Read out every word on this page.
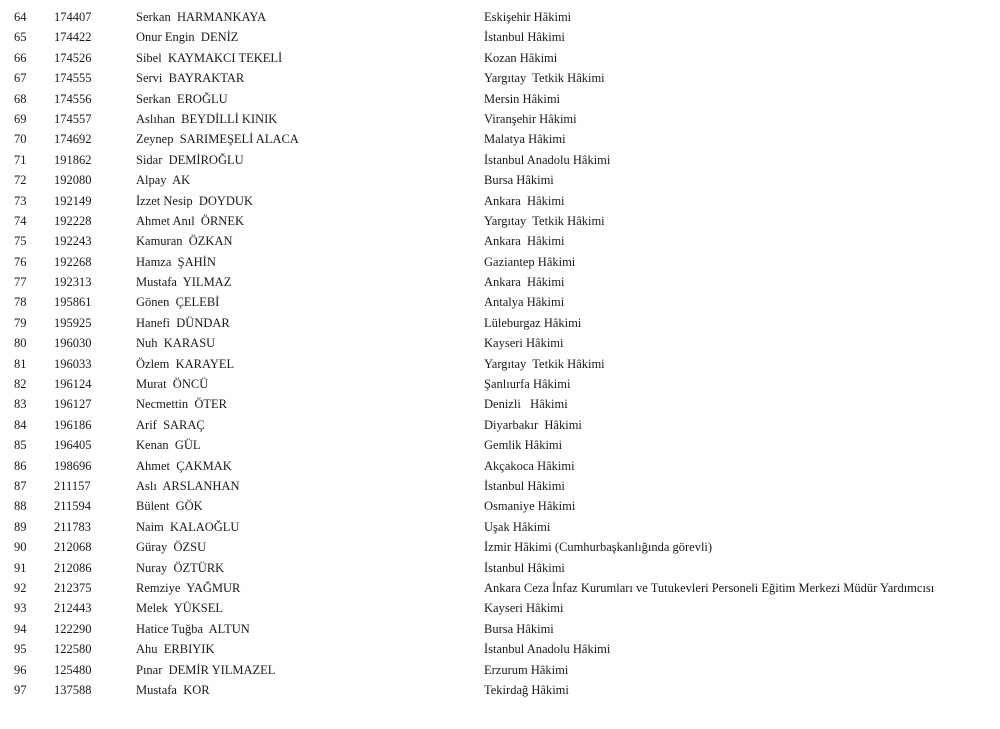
64 174407	Serkan  HARMANKAYA	Eskişehir Hâkimi
65 174422	Onur Engin  DENİZ	İstanbul Hâkimi
66 174526	Sibel  KAYMAKCI TEKELİ	Kozan Hâkimi
67 174555	Servi  BAYRAKTAR	Yargıtay  Tetkik Hâkimi
68 174556	Serkan  EROĞLU	Mersin Hâkimi
69 174557	Aslıhan  BEYDİLLİ KINIK	Viranşehir Hâkimi
70 174692	Zeynep  SARIMEŞELİ ALACA	Malatya Hâkimi
71 191862	Sidar  DEMİROĞLU	İstanbul Anadolu Hâkimi
72 192080	Alpay  AK	Bursa Hâkimi
73 192149	İzzet Nesip  DOYDUK	Ankara  Hâkimi
74 192228	Ahmet Anıl  ÖRNEK	Yargıtay  Tetkik Hâkimi
75 192243	Kamuran  ÖZKAN	Ankara  Hâkimi
76 192268	Hamza  ŞAHİN	Gaziantep Hâkimi
77 192313	Mustafa  YILMAZ	Ankara  Hâkimi
78 195861	Gönen  ÇELEBİ	Antalya Hâkimi
79 195925	Hanefi  DÜNDAR	Lüleburgaz Hâkimi
80 196030	Nuh  KARASU	Kayseri Hâkimi
81 196033	Özlem  KARAYEL	Yargıtay  Tetkik Hâkimi
82 196124	Murat  ÖNCÜ	Şanlıurfa Hâkimi
83 196127	Necmettin  ÖTER	Denizli   Hâkimi
84 196186	Arif  SARAÇ	Diyarbakır  Hâkimi
85 196405	Kenan  GÜL	Gemlik Hâkimi
86 198696	Ahmet  ÇAKMAK	Akçakoca Hâkimi
87 211157	Aslı  ARSLANHAN	İstanbul Hâkimi
88 211594	Bülent  GÖK	Osmaniye Hâkimi
89 211783	Naim  KALAOĞLU	Uşak Hâkimi
90 212068	Güray  ÖZSU	İzmir Hâkimi (Cumhurbaşkanlığında görevli)
91 212086	Nuray  ÖZTÜRK	İstanbul Hâkimi
92 212375	Remziye  YAĞMUR	Ankara Ceza İnfaz Kurumları ve Tutukevleri Personeli Eğitim Merkezi Müdür Yardımcısı
93 212443	Melek  YÜKSEL	Kayseri Hâkimi
94 122290	Hatice Tuğba  ALTUN	Bursa Hâkimi
95 122580	Ahu  ERBIYIK	İstanbul Anadolu Hâkimi
96 125480	Pınar  DEMİR YILMAZEL	Erzurum Hâkimi
97 137588	Mustafa  KOR	Tekirdağ Hâkimi
